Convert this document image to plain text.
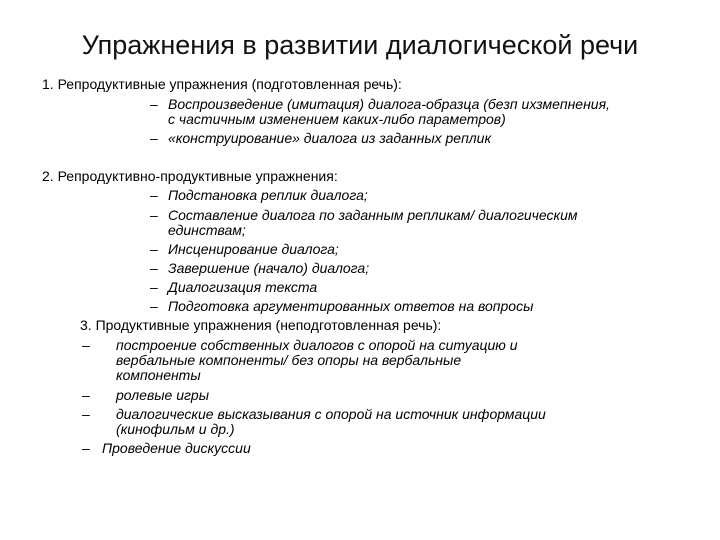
Упражнения в развитии диалогической речи
1. Репродуктивные упражнения (подготовленная речь):
– Воспроизведение (имитация) диалога-образца (безп ихзмепнения,
с частичным изменением каких-либо параметров)
– «конструирование» диалога из заданных реплик
2. Репродуктивно-продуктивные упражнения:
– Подстановка реплик диалога;
– Составление диалога по заданным репликам/ диалогическим
единствам;
– Инсценирование диалога;
– Завершение (начало) диалога;
– Диалогизация текста
– Подготовка аргументированных ответов на вопросы
3. Продуктивные упражнения (неподготовленная речь):
– построение собственных диалогов с опорой на ситуацию и
вербальные компоненты/ без опоры на вербальные
компоненты
– ролевые игры
– диалогические высказывания с опорой на источник информации
(кинофильм и др.)
– Проведение дискуссии
